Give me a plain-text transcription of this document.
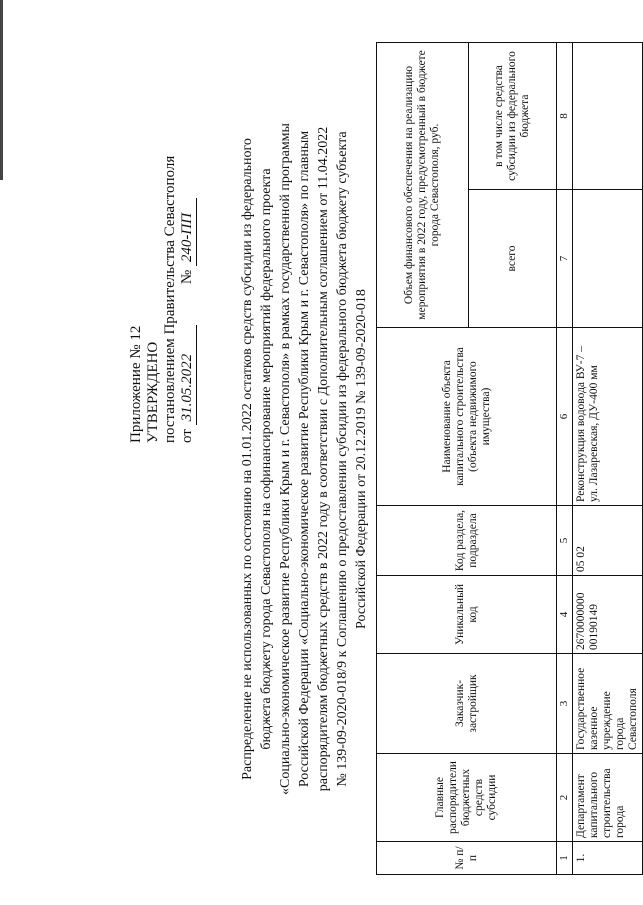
Приложение № 12 УТВЕРЖДЕНО постановлением Правительства Севастополя от 31.05.2022           № 240-ПП	Распределение не использованных по состоянию на 01.01.2022 остатков средств субсидии из федерального бюджета бюджету города Севастополя на софинансирование мероприятий федерального проекта «Социально-экономическое развитие Республики Крым и г. Севастополя» в рамках государственной программы Российской Федерации «Социально-экономическое развитие Республики Крым и г. Севастополя» по главным распорядителям бюджетных средств в 2022 году в соответствии с Дополнительным соглашением от 11.04.2022 № 139-09-2020-018/9 к Соглашению о предоставлении субсидии из федерального бюджета бюджету субъекта Российской Федерации от 20.12.2019 № 139-09-2020-018
№ п/п	Главные распорядители бюджетных средств субсидии	Заказчик-застройщик	Уникальный код	Код раздела, подраздела	Наименование объекта капитального строительства (объекта недвижимого имущества)	Объем финансового обеспечения на реализацию мероприятия в 2022 году, предусмотренный в бюджете города Севастополя, руб.	
						всего	в том числе средства субсидии из федерального бюджета
1	2	3	4	5	6	7	8
1.	Департамент капитального строительства города	Государственное казенное учреждение города Севастополя	2670000000 00190149	05 02	Реконструкция водовода ВУ-7 – ул. Лазаревская, ДУ-400 мм		
